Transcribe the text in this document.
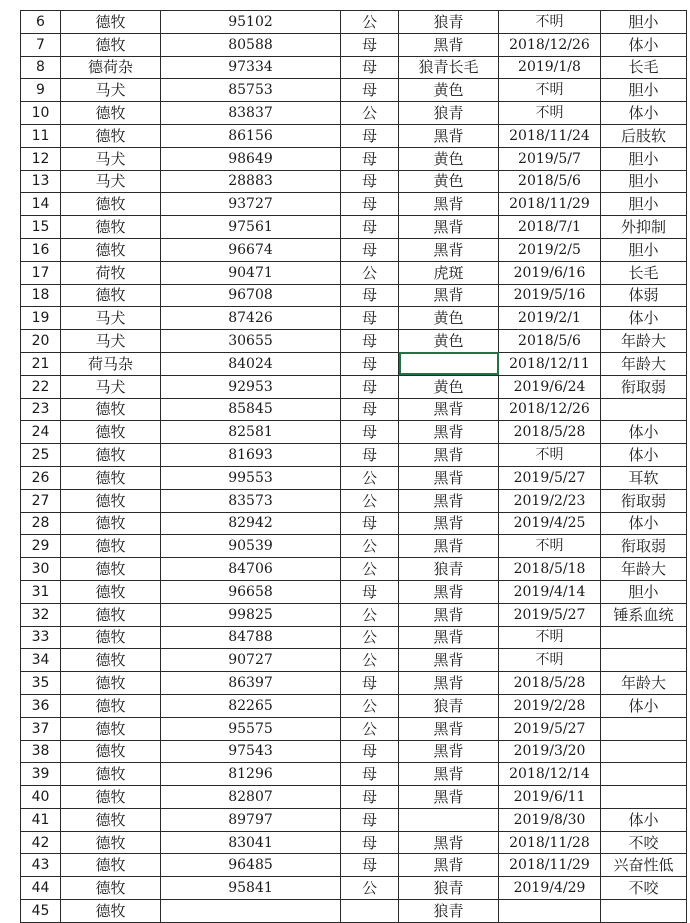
6	德牧	95102	公	狼青	不明	胆小
7	德牧	80588	母	黑背	2018/12/26	体小
8	德荷杂	97334	母	狼青长毛	2019/1/8	长毛
9	马犬	85753	母	黄色	不明	胆小
10	德牧	83837	公	狼青	不明	体小
11	德牧	86156	母	黑背	2018/11/24	后肢软
12	马犬	98649	母	黄色	2019/5/7	胆小
13	马犬	28883	母	黄色	2018/5/6	胆小
14	德牧	93727	母	黑背	2018/11/29	胆小
15	德牧	97561	母	黑背	2018/7/1	外抑制
16	德牧	96674	母	黑背	2019/2/5	胆小
17	荷牧	90471	公	虎斑	2019/6/16	长毛
18	德牧	96708	母	黑背	2019/5/16	体弱
19	马犬	87426	母	黄色	2019/2/1	体小
20	马犬	30655	母	黄色	2018/5/6	年龄大
21	荷马杂	84024	母		2018/12/11	年龄大
22	马犬	92953	母	黄色	2019/6/24	衔取弱
23	德牧	85845	母	黑背	2018/12/26	
24	德牧	82581	母	黑背	2018/5/28	体小
25	德牧	81693	母	黑背	不明	体小
26	德牧	99553	公	黑背	2019/5/27	耳软
27	德牧	83573	公	黑背	2019/2/23	衔取弱
28	德牧	82942	母	黑背	2019/4/25	体小
29	德牧	90539	公	黑背	不明	衔取弱
30	德牧	84706	公	狼青	2018/5/18	年龄大
31	德牧	96658	母	黑背	2019/4/14	胆小
32	德牧	99825	公	黑背	2019/5/27	锤系血统
33	德牧	84788	公	黑背	不明	
34	德牧	90727	公	黑背	不明	
35	德牧	86397	母	黑背	2018/5/28	年龄大
36	德牧	82265	公	狼青	2019/2/28	体小
37	德牧	95575	公	黑背	2019/5/27	
38	德牧	97543	母	黑背	2019/3/20	
39	德牧	81296	母	黑背	2018/12/14	
40	德牧	82807	母	黑背	2019/6/11	
41	德牧	89797	母		2019/8/30	体小
42	德牧	83041	母	黑背	2018/11/28	不咬
43	德牧	96485	母	黑背	2018/11/29	兴奋性低
44	德牧	95841	公	狼青	2019/4/29	不咬
45	德牧			狼青		
